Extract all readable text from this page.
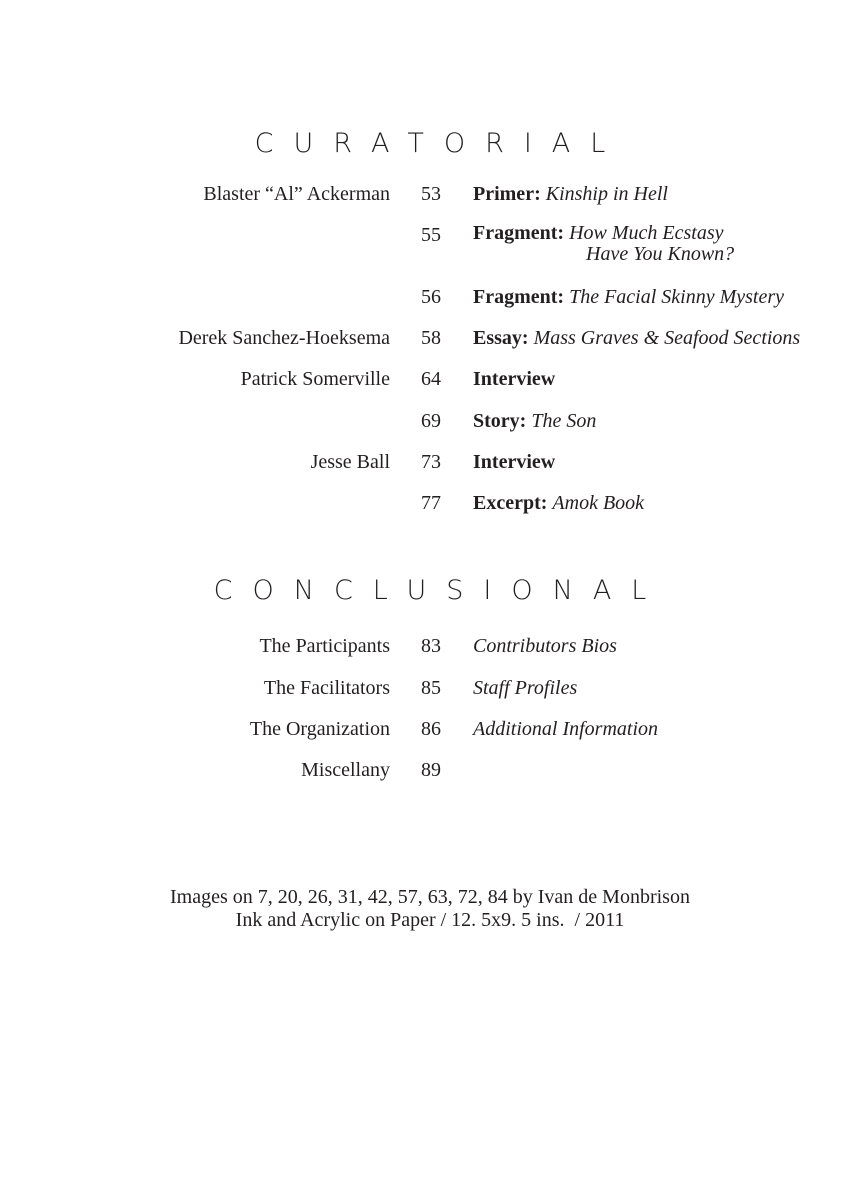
CURATORIAL
Blaster “Al” Ackerman	53	Primer: Kinship in Hell
55	Fragment: How Much Ecstasy
Have You Known?
56	Fragment: The Facial Skinny Mystery
Derek Sanchez-Hoeksema	58	Essay: Mass Graves & Seafood Sections
Patrick Somerville	64	Interview
69	Story: The Son
Jesse Ball	73	Interview
77	Excerpt: Amok Book
CONCLUSIONAL
The Participants	83	Contributors Bios
The Facilitators	85	Staff Profiles
The Organization	86	Additional Information
Miscellany	89
Images on 7, 20, 26, 31, 42, 57, 63, 72, 84 by Ivan de Monbrison
Ink and Acrylic on Paper / 12. 5x9. 5 ins.  / 2011
